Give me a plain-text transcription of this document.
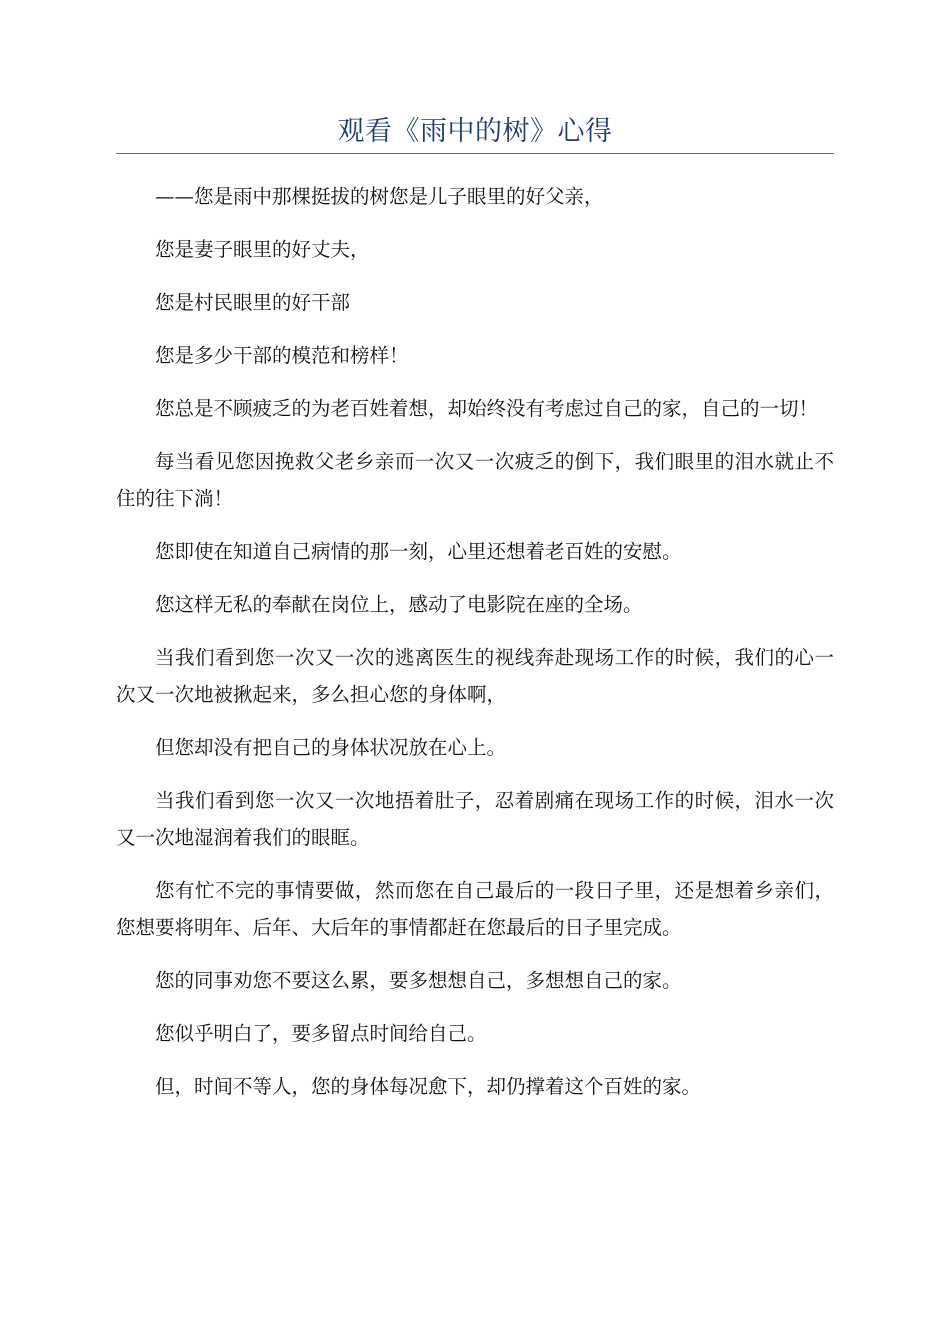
观看《雨中的树》心得

——您是雨中那棵挺拔的树您是儿子眼里的好父亲，

您是妻子眼里的好丈夫，

您是村民眼里的好干部

您是多少干部的模范和榜样！

您总是不顾疲乏的为老百姓着想，却始终没有考虑过自己的家，自己的一切！

每当看见您因挽救父老乡亲而一次又一次疲乏的倒下，我们眼里的泪水就止不住的往下淌！

您即使在知道自己病情的那一刻，心里还想着老百姓的安慰。

您这样无私的奉献在岗位上，感动了电影院在座的全场。

当我们看到您一次又一次的逃离医生的视线奔赴现场工作的时候，我们的心一次又一次地被揪起来，多么担心您的身体啊，

但您却没有把自己的身体状况放在心上。

当我们看到您一次又一次地捂着肚子，忍着剧痛在现场工作的时候，泪水一次又一次地湿润着我们的眼眶。

您有忙不完的事情要做，然而您在自己最后的一段日子里，还是想着乡亲们，您想要将明年、后年、大后年的事情都赶在您最后的日子里完成。

您的同事劝您不要这么累，要多想想自己，多想想自己的家。

您似乎明白了，要多留点时间给自己。

但，时间不等人，您的身体每况愈下，却仍撑着这个百姓的家。
